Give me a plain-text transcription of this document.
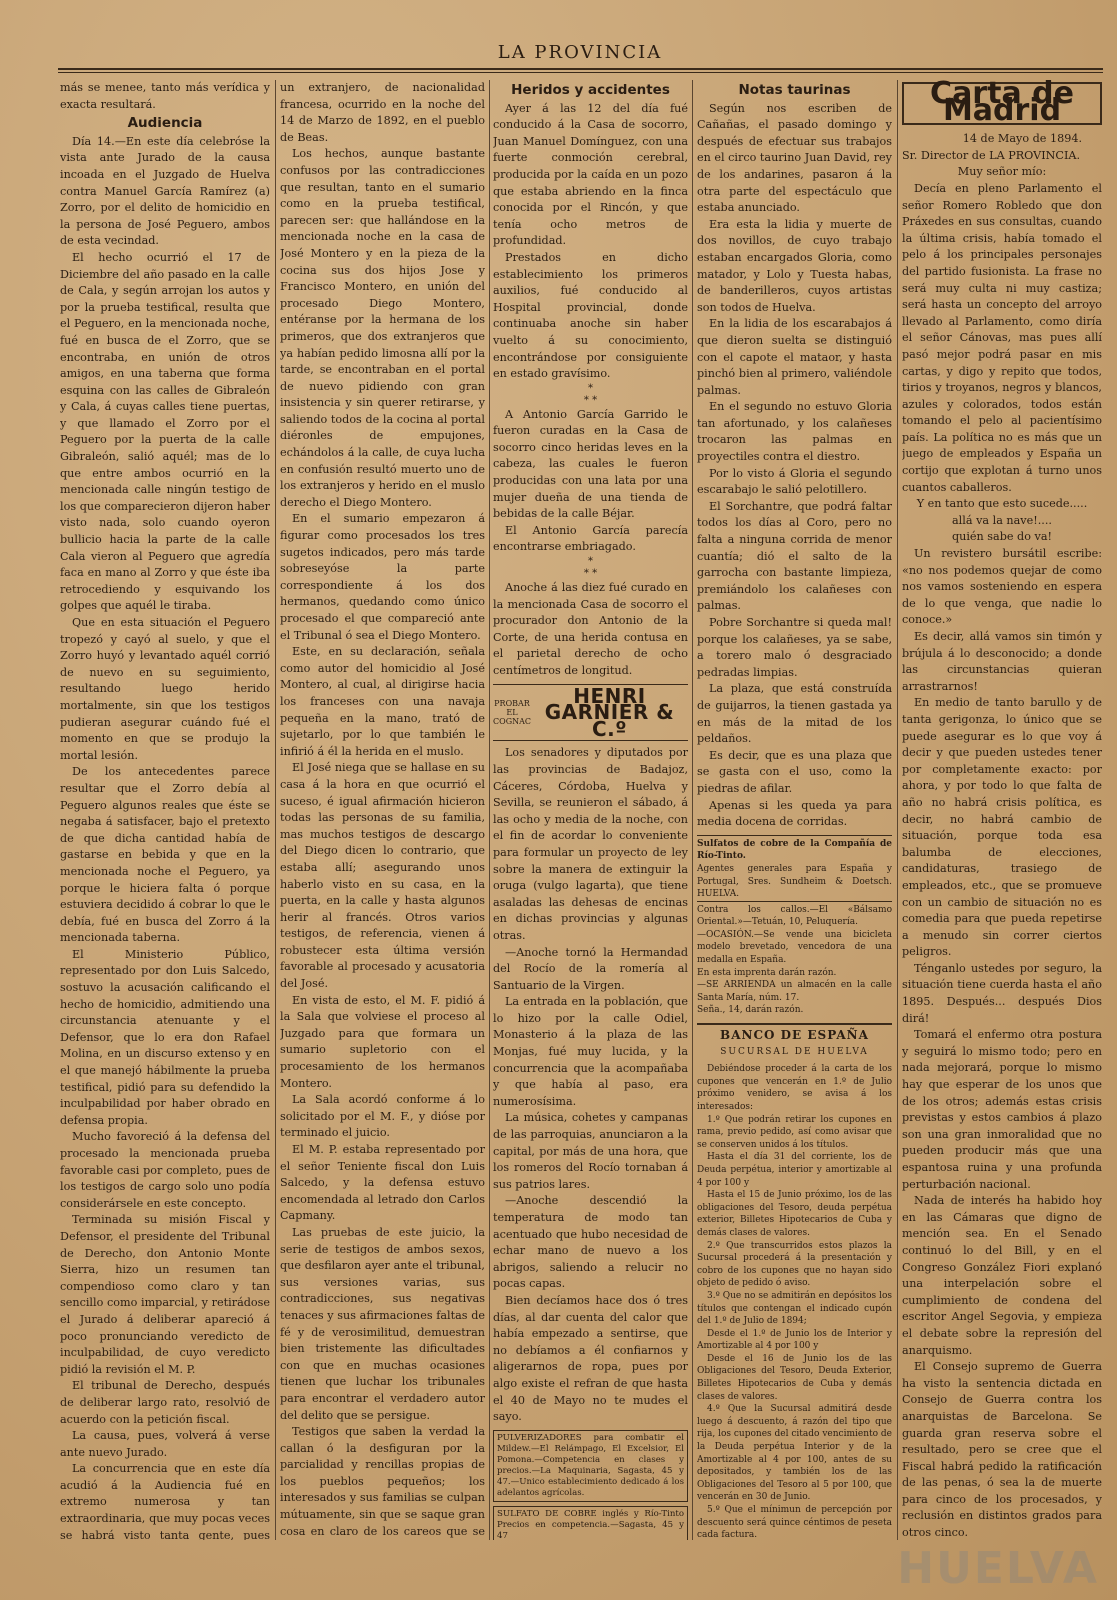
LA PROVINCIA

más se menee, tanto más verídica y exacta resultará.

Audiencia

Día 14.—En este día celebróse la vista ante Jurado de la causa incoada en el Juzgado de Huelva contra Manuel García Ramírez (a) Zorro, por el delito de homicidio en la persona de José Peguero, ambos de esta vecindad.

El hecho ocurrió el 17 de Diciembre del año pasado en la calle de Cala, y según arrojan los autos y por la prueba testifical, resulta que el Peguero, en la mencionada noche, fué en busca de el Zorro, que se encontraba, en unión de otros amigos, en una taberna que forma esquina con las calles de Gibraleón y Cala, á cuyas calles tiene puertas, y que llamado el Zorro por el Peguero por la puerta de la calle Gibraleón, salió aquél; mas de lo que entre ambos ocurrió en la mencionada calle ningún testigo de los que comparecieron dijeron haber visto nada, solo cuando oyeron bullicio hacia la parte de la calle Cala vieron al Peguero que agredía faca en mano al Zorro y que éste iba retrocediendo y esquivando los golpes que aquél le tiraba.

Que en esta situación el Peguero tropezó y cayó al suelo, y que el Zorro huyó y levantado aquél corrió de nuevo en su seguimiento, resultando luego herido mortalmente, sin que los testigos pudieran asegurar cuándo fué el momento en que se produjo la mortal lesión.

De los antecedentes parece resultar que el Zorro debía al Peguero algunos reales que éste se negaba á satisfacer, bajo el pretexto de que dicha cantidad había de gastarse en bebida y que en la mencionada noche el Peguero, ya porque le hiciera falta ó porque estuviera decidido á cobrar lo que le debía, fué en busca del Zorro á la mencionada taberna.

El Ministerio Público, representado por don Luis Salcedo, sostuvo la acusación calificando el hecho de homicidio, admitiendo una circunstancia atenuante y el Defensor, que lo era don Rafael Molina, en un discurso extenso y en el que manejó hábilmente la prueba testifical, pidió para su defendido la inculpabilidad por haber obrado en defensa propia.

Mucho favoreció á la defensa del procesado la mencionada prueba favorable casi por completo, pues de los testigos de cargo solo uno podía considerársele en este concepto.

Terminada su misión Fiscal y Defensor, el presidente del Tribunal de Derecho, don Antonio Monte Sierra, hizo un resumen tan compendioso como claro y tan sencillo como imparcial, y retirádose el Jurado á deliberar apareció á poco pronunciando veredicto de inculpabilidad, de cuyo veredicto pidió la revisión el M. P.

El tribunal de Derecho, después de deliberar largo rato, resolvió de acuerdo con la petición fiscal.

La causa, pues, volverá á verse ante nuevo Jurado.

La concurrencia que en este día acudió á la Audiencia fué en extremo numerosa y tan extraordinaria, que muy pocas veces se habrá visto tanta gente, pues

un extranjero, de nacionalidad francesa, ocurrido en la noche del 14 de Marzo de 1892, en el pueblo de Beas.

Los hechos, aunque bastante confusos por las contradicciones que resultan, tanto en el sumario como en la prueba testifical, parecen ser: que hallándose en la mencionada noche en la casa de José Montero y en la pieza de la cocina sus dos hijos Jose y Francisco Montero, en unión del procesado Diego Montero, entéranse por la hermana de los primeros, que dos extranjeros que ya habían pedido limosna allí por la tarde, se encontraban en el portal de nuevo pidiendo con gran insistencia y sin querer retirarse, y saliendo todos de la cocina al portal diéronles de empujones, echándolos á la calle, de cuya lucha en confusión resultó muerto uno de los extranjeros y herido en el muslo derecho el Diego Montero.

En el sumario empezaron á figurar como procesados los tres sugetos indicados, pero más tarde sobreseyóse la parte correspondiente á los dos hermanos, quedando como único procesado el que compareció ante el Tribunal ó sea el Diego Montero.

Este, en su declaración, señala como autor del homicidio al José Montero, al cual, al dirigirse hacia los franceses con una navaja pequeña en la mano, trató de sujetarlo, por lo que también le infirió á él la herida en el muslo.

El José niega que se hallase en su casa á la hora en que ocurrió el suceso, é igual afirmación hicieron todas las personas de su familia, mas muchos testigos de descargo del Diego dicen lo contrario, que estaba allí; asegurando unos haberlo visto en su casa, en la puerta, en la calle y hasta algunos herir al francés. Otros varios testigos, de referencia, vienen á robustecer esta última versión favorable al procesado y acusatoria del José.

En vista de esto, el M. F. pidió á la Sala que volviese el proceso al Juzgado para que formara un sumario supletorio con el procesamiento de los hermanos Montero.

La Sala acordó conforme á lo solicitado por el M. F., y dióse por terminado el juicio.

El M. P. estaba representado por el señor Teniente fiscal don Luis Salcedo, y la defensa estuvo encomendada al letrado don Carlos Capmany.

Las pruebas de este juicio, la serie de testigos de ambos sexos, que desfilaron ayer ante el tribunal, sus versiones varias, sus contradicciones, sus negativas tenaces y sus afirmaciones faltas de fé y de verosimilitud, demuestran bien tristemente las dificultades con que en muchas ocasiones tienen que luchar los tribunales para encontrar el verdadero autor del delito que se persigue.

Testigos que saben la verdad la callan ó la desfiguran por la parcialidad y rencillas propias de los pueblos pequeños; los interesados y sus familias se culpan mútuamente, sin que se saque gran cosa en claro de los careos que se

Heridos y accidentes

Ayer á las 12 del día fué conducido á la Casa de socorro, Juan Manuel Domínguez, con una fuerte conmoción cerebral, producida por la caída en un pozo que estaba abriendo en la finca conocida por el Rincón, y que tenía ocho metros de profundidad.

Prestados en dicho establecimiento los primeros auxilios, fué conducido al Hospital provincial, donde continuaba anoche sin haber vuelto á su conocimiento, encontrándose por consiguiente en estado gravísimo.

*
* *

A Antonio García Garrido le fueron curadas en la Casa de socorro cinco heridas leves en la cabeza, las cuales le fueron producidas con una lata por una mujer dueña de una tienda de bebidas de la calle Béjar.

El Antonio García parecía encontrarse embriagado.

*
* *

Anoche á las diez fué curado en la mencionada Casa de socorro el procurador don Antonio de la Corte, de una herida contusa en el parietal derecho de ocho centímetros de longitud.

PROBAR EL COGNAC
HENRI GARNIER & C.º

Los senadores y diputados por las provincias de Badajoz, Cáceres, Córdoba, Huelva y Sevilla, se reunieron el sábado, á las ocho y media de la noche, con el fin de acordar lo conveniente para formular un proyecto de ley sobre la manera de extinguir la oruga (vulgo lagarta), que tiene asaladas las dehesas de encinas en dichas provincias y algunas otras.

—Anoche tornó la Hermandad del Rocío de la romería al Santuario de la Virgen.

La entrada en la población, que lo hizo por la calle Odiel, Monasterio á la plaza de las Monjas, fué muy lucida, y la concurrencia que la acompañaba y que había al paso, era numerosísima.

La música, cohetes y campanas de las parroquias, anunciaron a la capital, por más de una hora, que los romeros del Rocío tornaban á sus patrios lares.

—Anoche descendió la temperatura de modo tan acentuado que hubo necesidad de echar mano de nuevo a los abrigos, saliendo a relucir no pocas capas.

Bien decíamos hace dos ó tres días, al dar cuenta del calor que había empezado a sentirse, que no debíamos a él confiarnos y aligerarnos de ropa, pues por algo existe el refran de que hasta el 40 de Mayo no te mudes el sayo.

PULVERIZADORES para combatir el Mildew.—El Relámpago, El Excelsior, El Pomona.—Competencia en clases y precios.—La Maquinaria, Sagasta, 45 y 47.—Unico establecimiento dedicado á los adelantos agrícolas.
SULFATO DE COBRE inglés y Río-Tinto Precios en competencia.—Sagasta, 45 y 47

Notas taurinas

Según nos escriben de Cañañas, el pasado domingo y después de efectuar sus trabajos en el circo taurino Juan David, rey de los andarines, pasaron á la otra parte del espectáculo que estaba anunciado.

Era esta la lidia y muerte de dos novillos, de cuyo trabajo estaban encargados Gloria, como matador, y Lolo y Tuesta habas, de banderilleros, cuyos artistas son todos de Huelva.

En la lidia de los escarabajos á que dieron suelta se distinguió con el capote el mataor, y hasta pinchó bien al primero, valiéndole palmas.

En el segundo no estuvo Gloria tan afortunado, y los calañeses trocaron las palmas en proyectiles contra el diestro.

Por lo visto á Gloria el segundo escarabajo le salió pelotillero.

El Sorchantre, que podrá faltar todos los días al Coro, pero no falta a ninguna corrida de menor cuantía; dió el salto de la garrocha con bastante limpieza, premiándolo los calañeses con palmas.

Pobre Sorchantre si queda mal! porque los calañeses, ya se sabe, a torero malo ó desgraciado pedradas limpias.

La plaza, que está construída de guijarros, la tienen gastada ya en más de la mitad de los peldaños.

Es decir, que es una plaza que se gasta con el uso, como la piedras de afilar.

Apenas si les queda ya para media docena de corridas.

Sulfatos de cobre de la Compañía de Río-Tinto.
Agentes generales para España y Portugal, Sres. Sundheim & Doetsch. HUELVA.
Contra los callos.—El «Bálsamo Oriental.»—Tetuán, 10, Peluquería.
—OCASIÓN.—Se vende una bicicleta modelo brevetado, vencedora de una medalla en España.
En esta imprenta darán razón.
—SE ARRIENDA un almacén en la calle Santa María, núm. 17.
Seña., 14, darán razón.
BANCO DE ESPAÑA
SUCURSAL DE HUELVA
Debiéndose proceder á la carta de los cupones que vencerán en 1.º de Julio próximo venidero, se avisa á los interesados:
1.º Que podrán retirar los cupones en rama, previo pedido, así como avisar que se conserven unidos á los títulos.
Hasta el día 31 del corriente, los de Deuda perpétua, interior y amortizable al 4 por 100 y
Hasta el 15 de Junio próximo, los de las obligaciones del Tesoro, deuda perpétua exterior, Billetes Hipotecarios de Cuba y demás clases de valores.
2.º Que transcurridos estos plazos la Sucursal procederá á la presentación y cobro de los cupones que no hayan sido objeto de pedido ó aviso.
3.º Que no se admitirán en depósitos los títulos que contengan el indicado cupón del 1.º de Julio de 1894;
Desde el 1.º de Junio los de Interior y Amortizable al 4 por 100 y
Desde el 16 de Junio los de las Obligaciones del Tesoro, Deuda Exterior, Billetes Hipotecarios de Cuba y demás clases de valores.
4.º Que la Sucursal admitirá desde luego á descuento, á razón del tipo que rija, los cupones del citado vencimiento de la Deuda perpétua Interior y de la Amortizable al 4 por 100, antes de su depositados, y también los de las Obligaciones del Tesoro al 5 por 100, que vencerán en 30 de Junio.
5.º Que el mínimun de percepción por descuento será quince céntimos de peseta cada factura.
Carta de Madrid
14 de Mayo de 1894.
Sr. Director de LA PROVINCIA.
Muy señor mío:

Decía en pleno Parlamento el señor Romero Robledo que don Práxedes en sus consultas, cuando la última crisis, había tomado el pelo á los principales personajes del partido fusionista. La frase no será muy culta ni muy castiza; será hasta un concepto del arroyo llevado al Parlamento, como diría el señor Cánovas, mas pues allí pasó mejor podrá pasar en mis cartas, y digo y repito que todos, tirios y troyanos, negros y blancos, azules y colorados, todos están tomando el pelo al pacientísimo país. La política no es más que un juego de empleados y España un cortijo que explotan á turno unos cuantos caballeros.

Y en tanto que esto sucede.....
allá va la nave!....
quién sabe do va!

Un revistero bursátil escribe: «no nos podemos quejar de como nos vamos sosteniendo en espera de lo que venga, que nadie lo conoce.»

Es decir, allá vamos sin timón y brújula á lo desconocido; a donde las circunstancias quieran arrastrarnos!

En medio de tanto barullo y de tanta gerigonza, lo único que se puede asegurar es lo que voy á decir y que pueden ustedes tener por completamente exacto: por ahora, y por todo lo que falta de año no habrá crisis política, es decir, no habrá cambio de situación, porque toda esa balumba de elecciones, candidaturas, trasiego de empleados, etc., que se promueve con un cambio de situación no es comedia para que pueda repetirse a menudo sin correr ciertos peligros.

Ténganlo ustedes por seguro, la situación tiene cuerda hasta el año 1895. Después... después Dios dirá!

Tomará el enfermo otra postura y seguirá lo mismo todo; pero en nada mejorará, porque lo mismo hay que esperar de los unos que de los otros; además estas crisis previstas y estos cambios á plazo son una gran inmoralidad que no pueden producir más que una espantosa ruina y una profunda perturbación nacional.

Nada de interés ha habido hoy en las Cámaras que digno de mención sea. En el Senado continuó lo del Bill, y en el Congreso González Fiori explanó una interpelación sobre el cumplimiento de condena del escritor Angel Segovia, y empieza el debate sobre la represión del anarquismo.

El Consejo supremo de Guerra ha visto la sentencia dictada en Consejo de Guerra contra los anarquistas de Barcelona. Se guarda gran reserva sobre el resultado, pero se cree que el Fiscal habrá pedido la ratificación de las penas, ó sea la de muerte para cinco de los procesados, y reclusión en distintos grados para otros cinco.

HUELVA
